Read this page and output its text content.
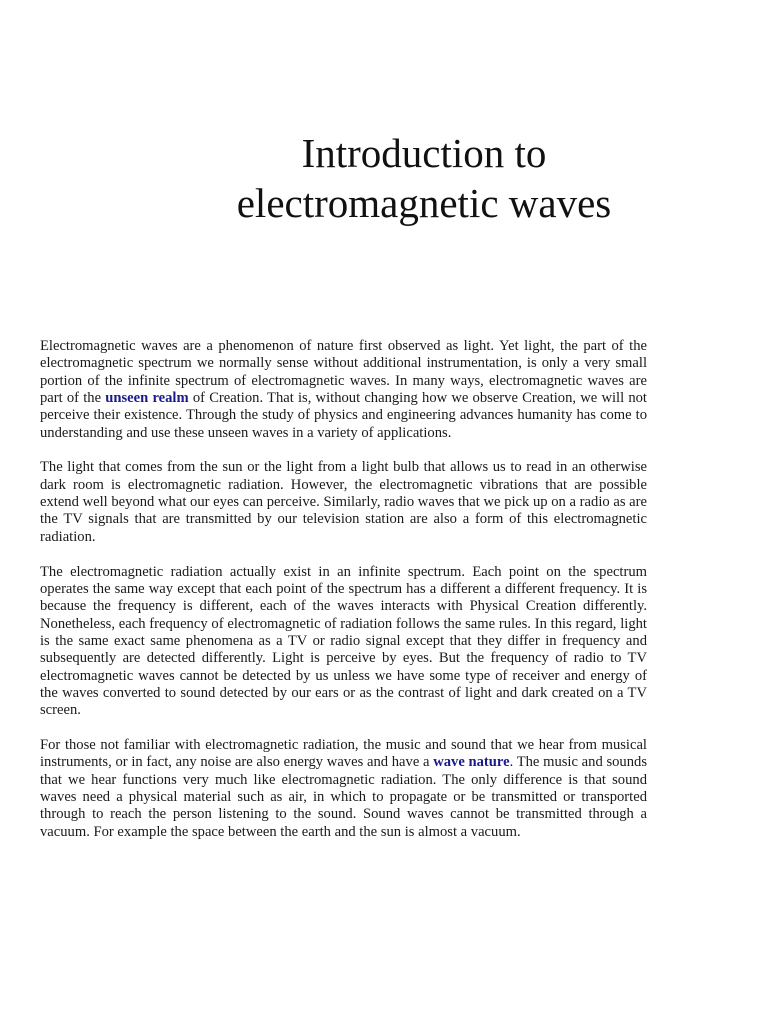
Introduction to
electromagnetic waves

Electromagnetic waves are a phenomenon of nature first observed as light. Yet light, the part of the electromagnetic spectrum we normally sense without additional instrumentation, is only a very small portion of the infinite spectrum of electromagnetic waves. In many ways, electromagnetic waves are part of the unseen realm of Creation. That is, without changing how we observe Creation, we will not perceive their existence. Through the study of physics and engineering advances humanity has come to understanding and use these unseen waves in a variety of applications.

The light that comes from the sun or the light from a light bulb that allows us to read in an otherwise dark room is electromagnetic radiation. However, the electromagnetic vibrations that are possible extend well beyond what our eyes can perceive. Similarly, radio waves that we pick up on a radio as are the TV signals that are transmitted by our television station are also a form of this electromagnetic radiation.

The electromagnetic radiation actually exist in an infinite spectrum. Each point on the spectrum operates the same way except that each point of the spectrum has a different a different frequency. It is because the frequency is different, each of the waves interacts with Physical Creation differently. Nonetheless, each frequency of electromagnetic of radiation follows the same rules. In this regard, light is the same exact same phenomena as a TV or radio signal except that they differ in frequency and subsequently are detected differently. Light is perceive by eyes. But the frequency of radio to TV electromagnetic waves cannot be detected by us unless we have some type of receiver and energy of the waves converted to sound detected by our ears or as the contrast of light and dark created on a TV screen.

For those not familiar with electromagnetic radiation, the music and sound that we hear from musical instruments, or in fact, any noise are also energy waves and have a wave nature. The music and sounds that we hear functions very much like electromagnetic radiation. The only difference is that sound waves need a physical material such as air, in which to propagate or be transmitted or transported through to reach the person listening to the sound. Sound waves cannot be transmitted through a vacuum. For example the space between the earth and the sun is almost a vacuum.
